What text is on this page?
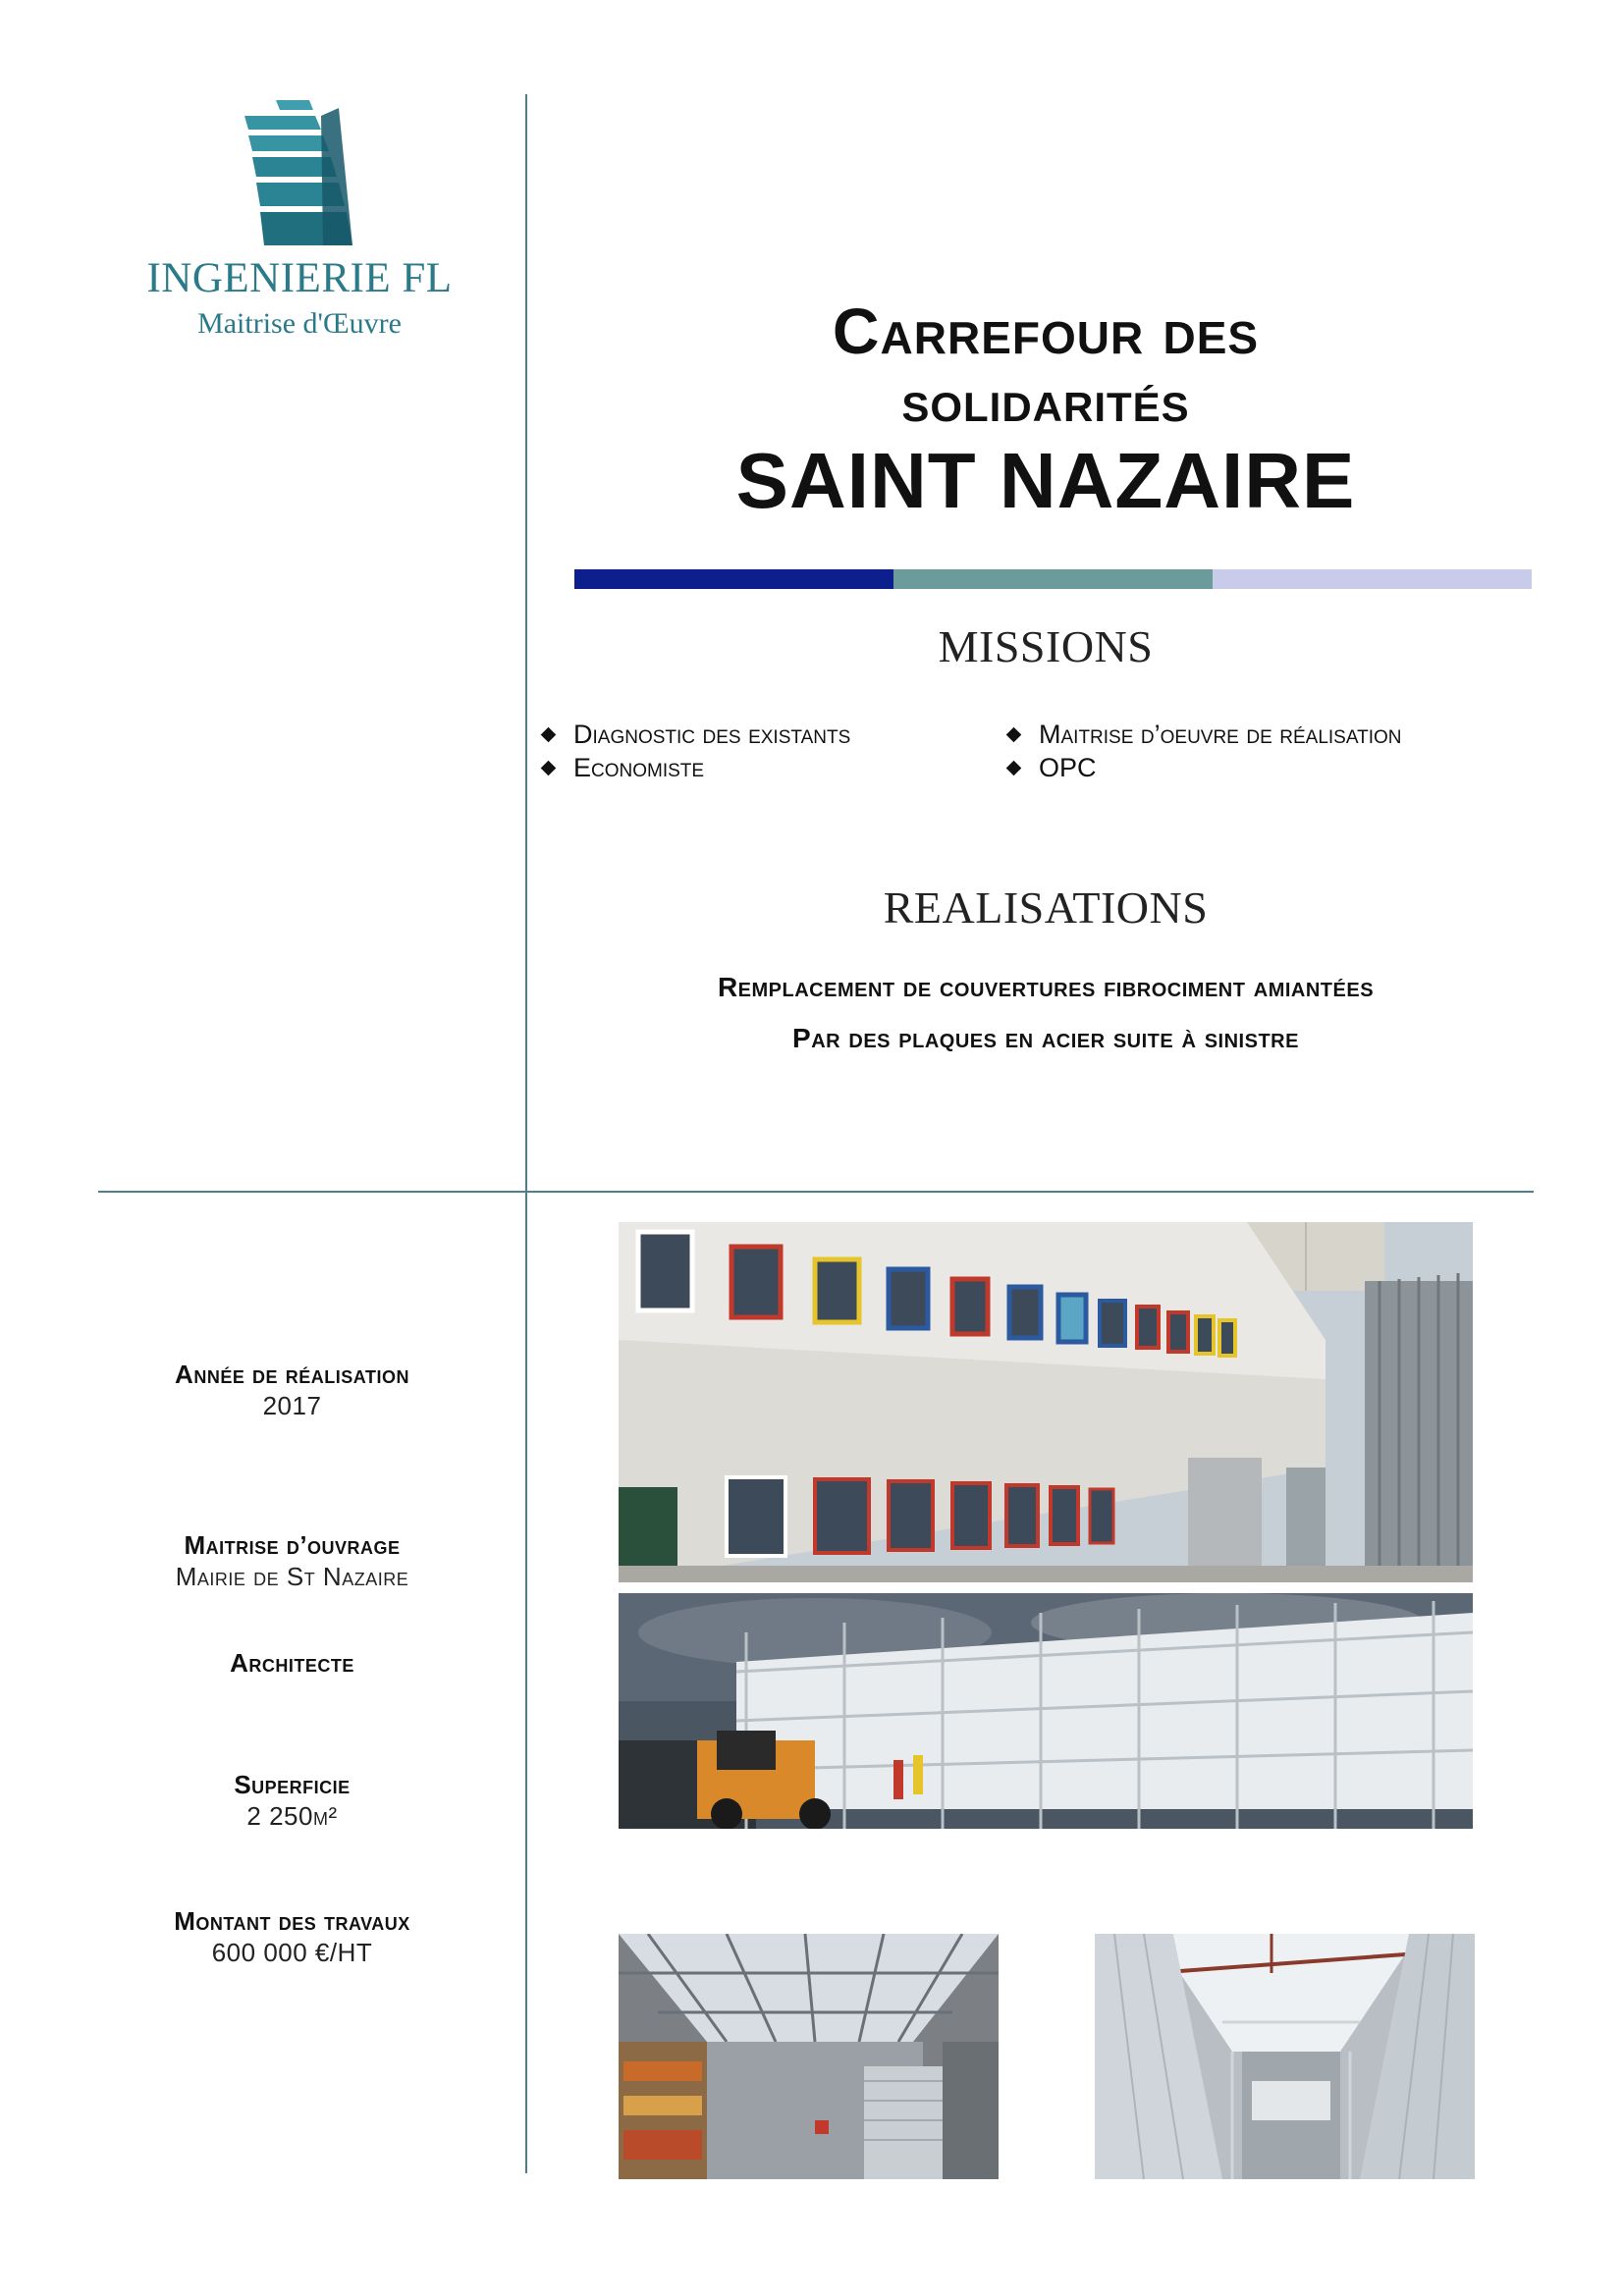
INGENIERIE FL
Maitrise d'Œuvre	Carrefour des
solidarités
SAINT NAZAIRE
MISSIONS
Diagnostic des existants	Maitrise d’oeuvre de réalisation
Economiste	OPC
REALISATIONS
Remplacement de couvertures fibrociment amiantées
Par des plaques en acier suite à sinistre
Année de réalisation
2017
Maitrise d’ouvrage
Mairie de St Nazaire
Architecte
Superficie
2 250m²
Montant des travaux
600 000 €/HT
